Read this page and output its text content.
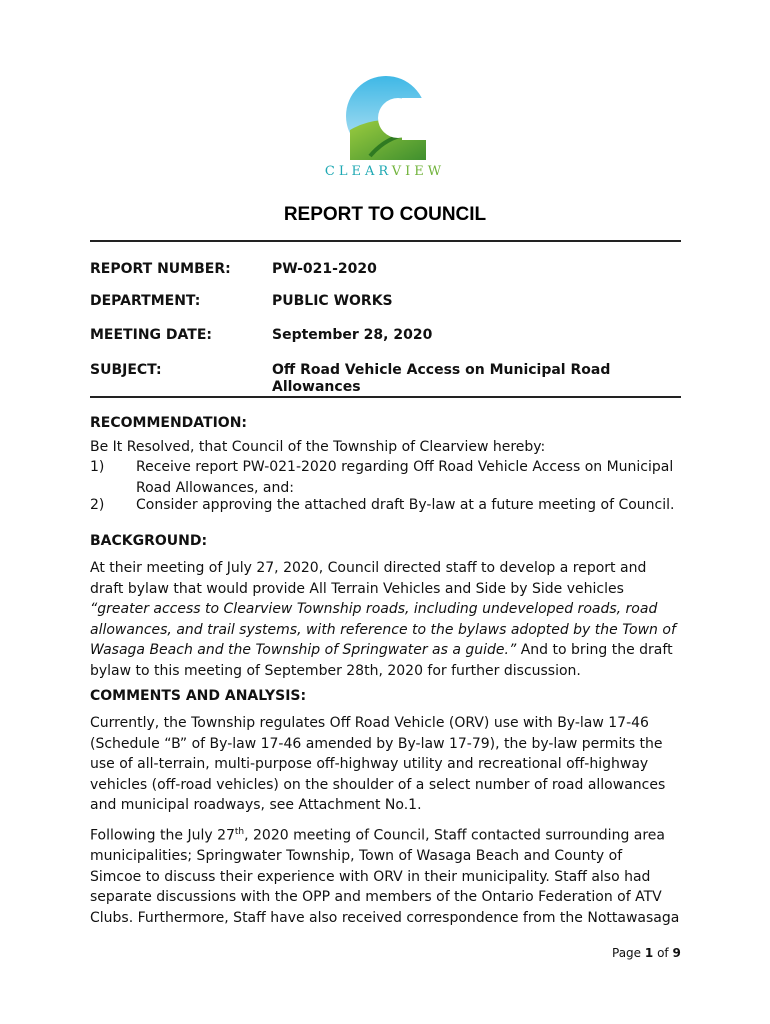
CLEARVIEW
REPORT TO COUNCIL
REPORT NUMBER:	PW-021-2020
DEPARTMENT:	PUBLIC WORKS
MEETING DATE:	September 28, 2020
SUBJECT:	Off Road Vehicle Access on Municipal Road
Allowances
RECOMMENDATION:
Be It Resolved, that Council of the Township of Clearview hereby:
1) Receive report PW-021-2020 regarding Off Road Vehicle Access on Municipal
Road Allowances, and:
2) Consider approving the attached draft By-law at a future meeting of Council.
BACKGROUND:
At their meeting of July 27, 2020, Council directed staff to develop a report and
draft bylaw that would provide All Terrain Vehicles and Side by Side vehicles
“greater access to Clearview Township roads, including undeveloped roads, road
allowances, and trail systems, with reference to the bylaws adopted by the Town of
Wasaga Beach and the Township of Springwater as a guide.” And to bring the draft
bylaw to this meeting of September 28th, 2020 for further discussion.
COMMENTS AND ANALYSIS:
Currently, the Township regulates Off Road Vehicle (ORV) use with By-law 17-46
(Schedule “B” of By-law 17-46 amended by By-law 17-79), the by-law permits the
use of all-terrain, multi-purpose off-highway utility and recreational off-highway
vehicles (off-road vehicles) on the shoulder of a select number of road allowances
and municipal roadways, see Attachment No.1.
Following the July 27th, 2020 meeting of Council, Staff contacted surrounding area
municipalities; Springwater Township, Town of Wasaga Beach and County of
Simcoe to discuss their experience with ORV in their municipality. Staff also had
separate discussions with the OPP and members of the Ontario Federation of ATV
Clubs. Furthermore, Staff have also received correspondence from the Nottawasaga
Page 1 of 9
